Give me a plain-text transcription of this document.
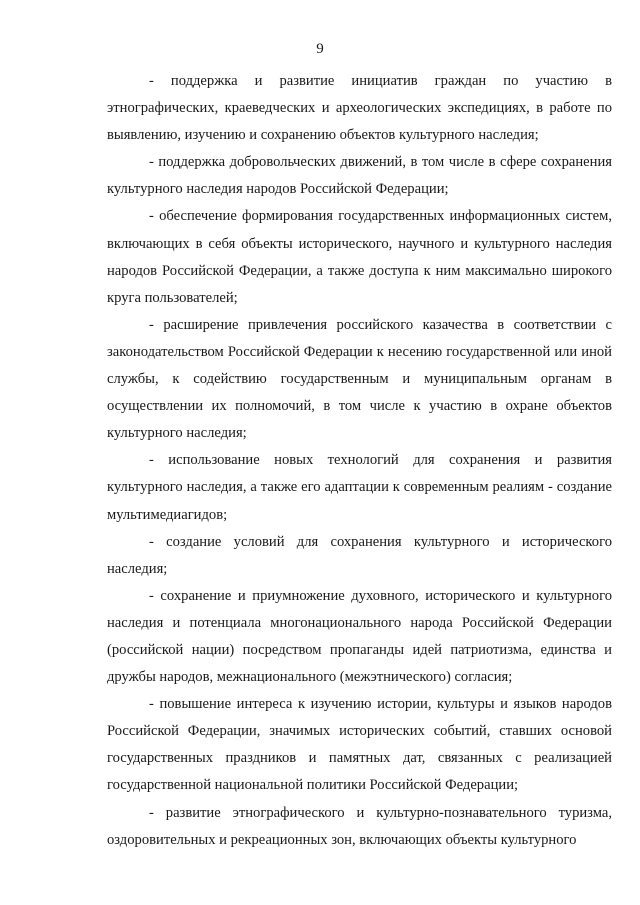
9

- поддержка и развитие инициатив граждан по участию в этнографических, краеведческих и археологических экспедициях, в работе по выявлению, изучению и сохранению объектов культурного наследия;

- поддержка добровольческих движений, в том числе в сфере сохранения культурного наследия народов Российской Федерации;

- обеспечение формирования государственных информационных систем, включающих в себя объекты исторического, научного и культурного наследия народов Российской Федерации, а также доступа к ним максимально широкого круга пользователей;

- расширение привлечения российского казачества в соответствии с законодательством Российской Федерации к несению государственной или иной службы, к содействию государственным и муниципальным органам в осуществлении их полномочий, в том числе к участию в охране объектов культурного наследия;

- использование новых технологий для сохранения и развития культурного наследия, а также его адаптации к современным реалиям - создание мультимедиагидов;

- создание условий для сохранения культурного и исторического наследия;

- сохранение и приумножение духовного, исторического и культурного наследия и потенциала многонационального народа Российской Федерации (российской нации) посредством пропаганды идей патриотизма, единства и дружбы народов, межнационального (межэтнического) согласия;

- повышение интереса к изучению истории, культуры и языков народов Российской Федерации, значимых исторических событий, ставших основой государственных праздников и памятных дат, связанных с реализацией государственной национальной политики Российской Федерации;

- развитие этнографического и культурно-познавательного туризма, оздоровительных и рекреационных зон, включающих объекты культурного
